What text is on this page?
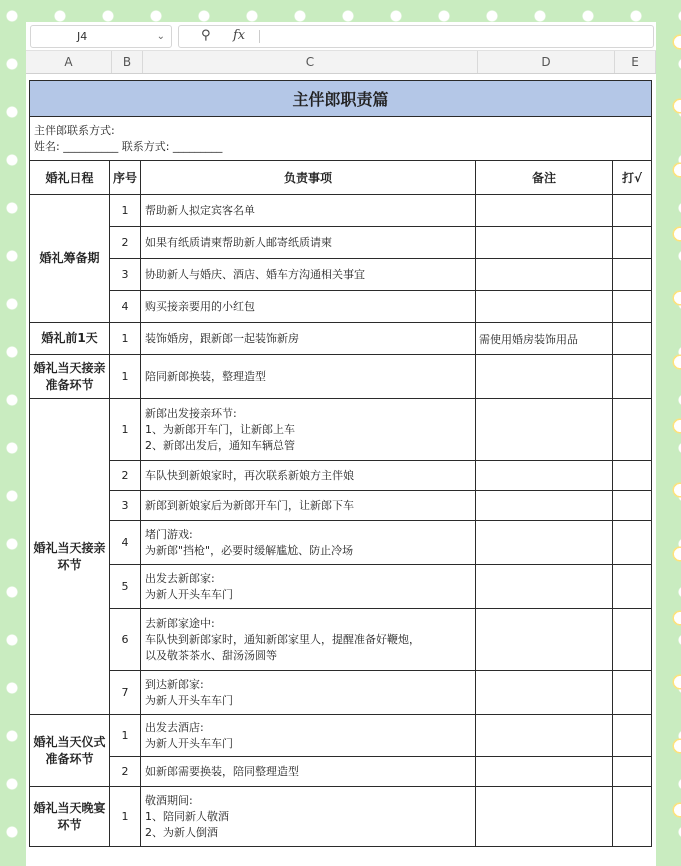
J4	⌄	⚲ fx
A	B	C	D	E
主伴郎职责篇				

主伴郎联系方式:
姓名: __________ 联系方式: _________				

婚礼日程	序号	负责事项	备注	打√
婚礼筹备期	1	帮助新人拟定宾客名单		

	2	如果有纸质请柬帮助新人邮寄纸质请柬		

	3	协助新人与婚庆、酒店、婚车方沟通相关事宜		

	4	购买接亲要用的小红包		

婚礼前1天	1	装饰婚房，跟新郎一起装饰新房	需使用婚房装饰用品	
婚礼当天接亲准备环节	1	陪同新郎换装，整理造型		

婚礼当天接亲环节	1	新郎出发接亲环节:
1、为新郎开车门，让新郎上车
2、新郎出发后，通知车辆总管		

	2	车队快到新娘家时，再次联系新娘方主伴娘		

	3	新郎到新娘家后为新郎开车门，让新郎下车		

	4	堵门游戏:
为新郎"挡枪"，必要时缓解尴尬、防止冷场		

	5	出发去新郎家:
为新人开头车车门		

	6	去新郎家途中:
车队快到新郎家时，通知新郎家里人，提醒准备好鞭炮，
以及敬茶茶水、甜汤汤圆等		

	7	到达新郎家:
为新人开头车车门		

婚礼当天仪式准备环节	1	出发去酒店:
为新人开头车车门		

	2	如新郎需要换装，陪同整理造型		

婚礼当天晚宴环节	1	敬酒期间:
1、陪同新人敬酒
2、为新人倒酒		
